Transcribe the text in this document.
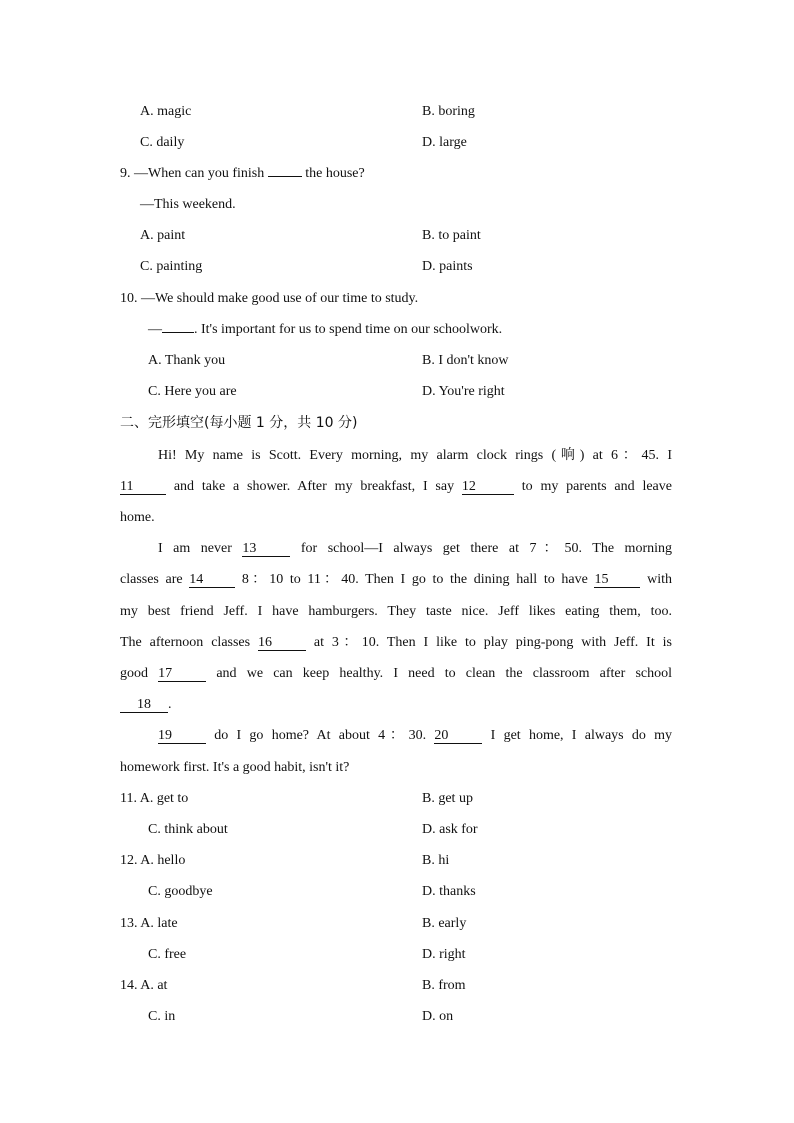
A. magic	B. boring
C. daily	D. large
9. —When can you finish  the house?
—This weekend.
A. paint	B. to paint
C. painting	D. paints
10. —We should make good use of our time to study.
— . It's important for us to spend time on our schoolwork.
A. Thank you	B. I don't know
C. Here you are	D. You're right
二、完形填空(每小题 1 分，共 10 分)
Hi! My name is Scott. Every morning, my alarm clock rings (响) at 6：45. I
11 and take a shower. After my breakfast, I say 12	to my parents and leave
home.
I am never 13 for school—I always get there at 7：50. The morning
classes are 14 8：10 to 11：40. Then I go to the dining hall to have 15 with
my best friend Jeff. I have hamburgers. They taste nice. Jeff likes eating them, too.
The afternoon classes 16 at 3：10. Then I like to play ping-pong with Jeff. It is
good 17 and we can keep healthy. I need to clean the classroom after school
18 .
19 do I go home? At about 4：30. 20 I get home, I always do my
homework first. It's a good habit, isn't it?
11. A. get to	B. get up
C. think about	D. ask for
12. A. hello	B. hi
C. goodbye	D. thanks
13. A. late	B. early
C. free	D. right
14. A. at	B. from
C. in	D. on
